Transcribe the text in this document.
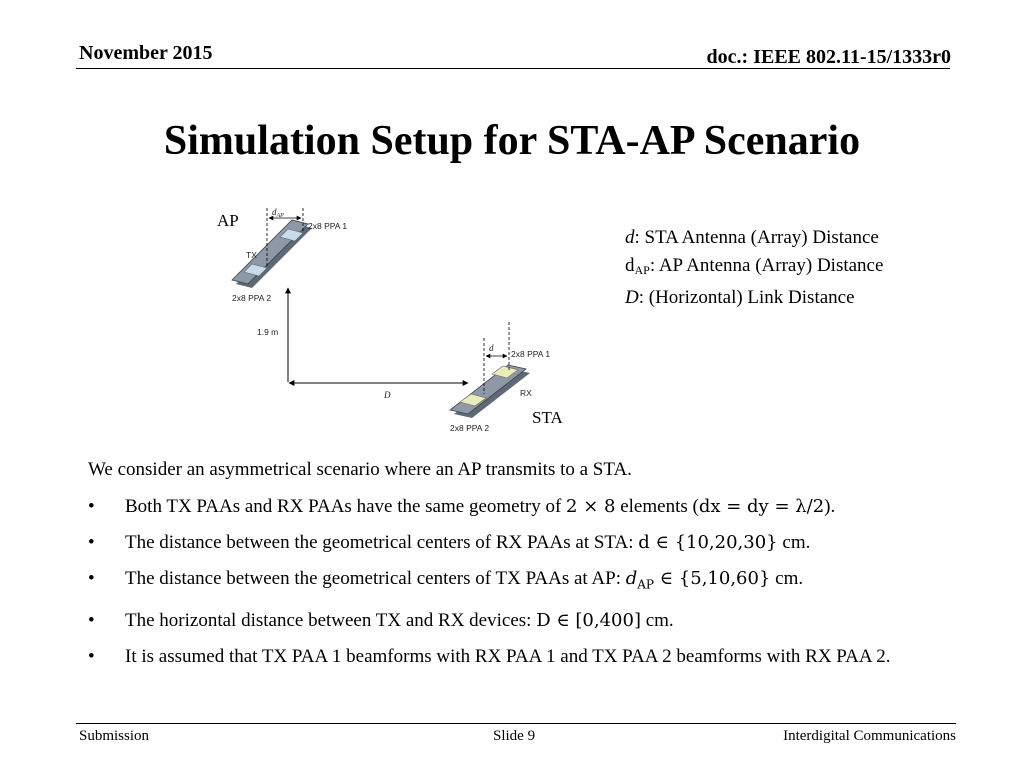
November 2015	doc.: IEEE 802.11-15/1333r0
Simulation Setup for STA-AP Scenario
$d_{AP}$
2x8 PPA 1
TX
2x8 PPA 2
1.9 m
D
d
2x8 PPA 1
RX
2x8 PPA 2
AP
STA
d: STA Antenna (Array) Distance
$d_{AP}$: AP Antenna (Array) Distance
D: (Horizontal) Link Distance

We consider an asymmetrical scenario where an AP transmits to a STA.

• Both TX PAAs and RX PAAs have the same geometry of 2 × 8 elements (dx = dy = λ/2).
• The distance between the geometrical centers of RX PAAs at STA: d ∈ {10,20,30} cm.
• The distance between the geometrical centers of TX PAAs at AP: $d_{AP}$ ∈ {5,10,60} cm.
• The horizontal distance between TX and RX devices: D ∈ [0,400] cm.
• It is assumed that TX PAA 1 beamforms with RX PAA 1 and TX PAA 2 beamforms with RX PAA 2.
Submission	Slide 9	Interdigital Communications
